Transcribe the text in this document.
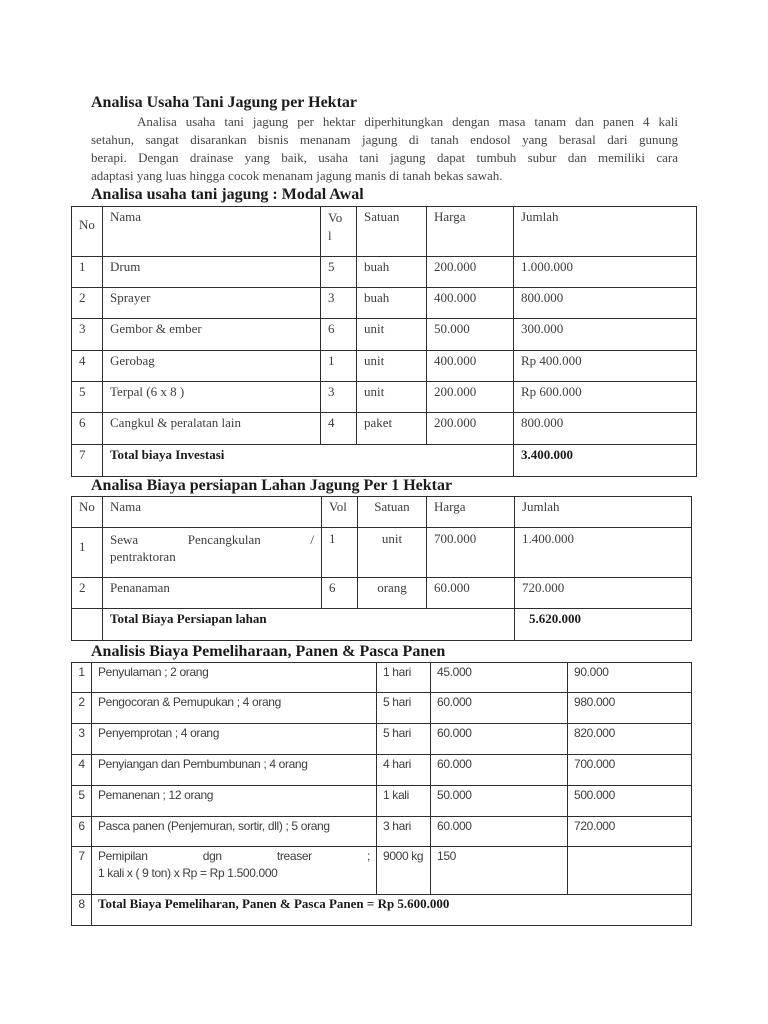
Analisa Usaha Tani Jagung per Hektar
Analisa usaha tani jagung per hektar diperhitungkan dengan masa tanam dan panen 4 kali
setahun, sangat disarankan bisnis menanam jagung di tanah endosol yang berasal dari gunung
berapi. Dengan drainase yang baik, usaha tani jagung dapat tumbuh subur dan memiliki cara
adaptasi yang luas hingga cocok menanam jagung manis di tanah bekas sawah.
Analisa usaha tani jagung : Modal Awal
No	Nama	Vol	Satuan	Harga	Jumlah
1	Drum	5	buah	200.000	1.000.000
2	Sprayer	3	buah	400.000	800.000
3	Gembor & ember	6	unit	50.000	300.000
4	Gerobag	1	unit	400.000	Rp 400.000
5	Terpal (6 x 8 )	3	unit	200.000	Rp 600.000
6	Cangkul & peralatan lain	4	paket	200.000	800.000
7	Total biaya Investasi				3.400.000
Analisa Biaya persiapan Lahan Jagung Per 1 Hektar
No	Nama	Vol	Satuan	Harga	Jumlah
1	Sewa Pencangkulan /
pentraktoran	1	unit	700.000	1.400.000
2	Penanaman	6	orang	60.000	720.000
	Total Biaya Persiapan lahan				5.620.000
Analisis Biaya Pemeliharaan, Panen & Pasca Panen
1	Penyulaman ; 2 orang	1 hari	45.000	90.000
2	Pengocoran & Pemupukan ; 4 orang	5 hari	60.000	980.000
3	Penyemprotan ; 4 orang	5 hari	60.000	820.000
4	Penyiangan dan Pembumbunan ; 4 orang	4 hari	60.000	700.000
5	Pemanenan ; 12 orang	1 kali	50.000	500.000
6	Pasca panen (Penjemuran, sortir, dll) ; 5 orang	3 hari	60.000	720.000
7	Pemipilan dgn treaser ;
1 kali x ( 9 ton) x Rp = Rp 1.500.000	9000 kg	150	
8	Total Biaya Pemeliharan, Panen & Pasca Panen = Rp 5.600.000			
